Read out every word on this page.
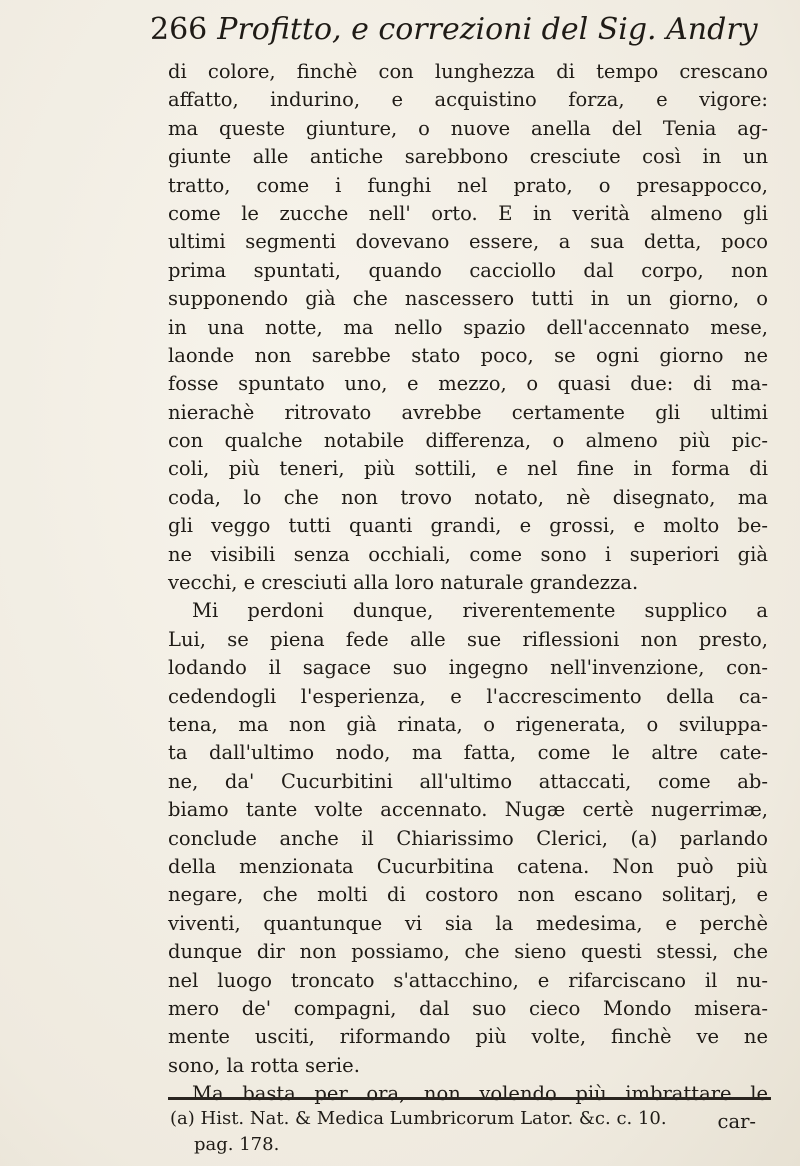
266 Profitto, e correzioni del Sig. Andry
di colore, finchè con lunghezza di tempo crescano
affatto, indurino, e acquistino forza, e vigore:
ma queste giunture, o nuove anella del Tenia ag-
giunte alle antiche sarebbono cresciute così in un
tratto, come i funghi nel prato, o presappocco,
come le zucche nell' orto. E in verità almeno gli
ultimi segmenti dovevano essere, a sua detta, poco
prima spuntati, quando cacciollo dal corpo, non
supponendo già che nascessero tutti in un giorno, o
in una notte, ma nello spazio dell'accennato mese,
laonde non sarebbe stato poco, se ogni giorno ne
fosse spuntato uno, e mezzo, o quasi due: di ma-
nierachè ritrovato avrebbe certamente gli ultimi
con qualche notabile differenza, o almeno più pic-
coli, più teneri, più sottili, e nel fine in forma di
coda, lo che non trovo notato, nè disegnato, ma
gli veggo tutti quanti grandi, e grossi, e molto be-
ne visibili senza occhiali, come sono i superiori già
vecchi, e cresciuti alla loro naturale grandezza.
Mi perdoni dunque, riverentemente supplico a
Lui, se piena fede alle sue riflessioni non presto,
lodando il sagace suo ingegno nell'invenzione, con-
cedendogli l'esperienza, e l'accrescimento della ca-
tena, ma non già rinata, o rigenerata, o sviluppa-
ta dall'ultimo nodo, ma fatta, come le altre cate-
ne, da' Cucurbitini all'ultimo attaccati, come ab-
biamo tante volte accennato. Nugæ certè nugerrimæ,
conclude anche il Chiarissimo Clerici, (a) parlando
della menzionata Cucurbitina catena. Non può più
negare, che molti di costoro non escano solitarj, e
viventi, quantunque vi sia la medesima, e perchè
dunque dir non possiamo, che sieno questi stessi, che
nel luogo troncato s'attacchino, e rifarciscano il nu-
mero de' compagni, dal suo cieco Mondo misera-
mente usciti, riformando più volte, finchè ve ne
sono, la rotta serie.
Ma basta per ora, non volendo più imbrattare le
car-
(a) Hist. Nat. & Medica Lumbricorum Lator. &c. c. 10.
pag. 178.
